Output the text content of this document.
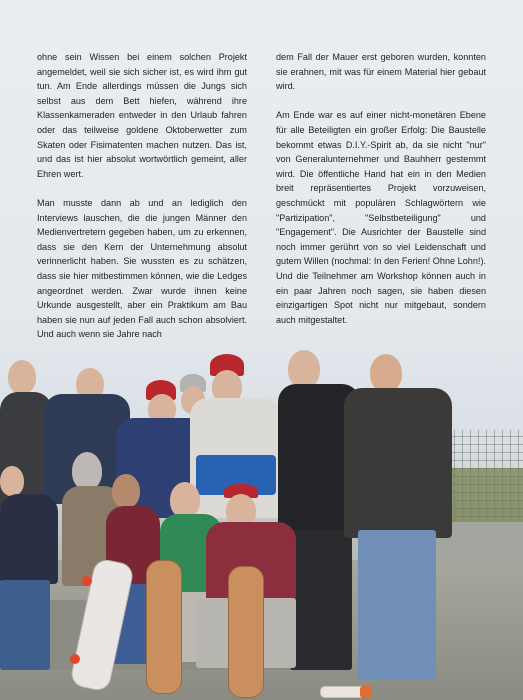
ohne sein Wissen bei einem solchen Projekt angemeldet, weil sie sich sicher ist, es wird ihm gut tun. Am Ende allerdings müssen die Jungs sich selbst aus dem Bett hiefen, während ihre Klassenkameraden entweder in den Urlaub fahren oder das teilweise goldene Oktoberwetter zum Skaten oder Fisimatenten machen nutzen. Das ist, und das ist hier absolut wortwörtlich gemeint, aller Ehren wert.

Man musste dann ab und an lediglich den Interviews lauschen, die die jungen Männer den Medienvertretern gegeben haben, um zu erkennen, dass sie den Kern der Unternehmung absolut verinnerlicht haben. Sie wussten es zu schätzen, dass sie hier mitbestimmen können, wie die Ledges angeordnet werden. Zwar wurde ihnen keine Urkunde ausgestellt, aber ein Praktikum am Bau haben sie nun auf jeden Fall auch schon absolviert. Und auch wenn sie Jahre nach

dem Fall der Mauer erst geboren wurden, konnten sie erahnen, mit was für einem Material hier gebaut wird.

Am Ende war es auf einer nicht-monetären Ebene für alle Beteiligten ein großer Erfolg: Die Baustelle bekommt etwas D.I.Y.-Spirit ab, da sie nicht "nur" von Generalunternehmer und Bauhherr gestemmt wird. Die öffentliche Hand hat ein in den Medien breit repräsentiertes Projekt vorzuweisen, geschmückt mit populären Schlagwörtern wie "Partizipation", "Selbstbeteiligung" und "Engagement". Die Ausrichter der Baustelle sind noch immer gerührt von so viel Leidenschaft und gutem Willen (nochmal: In den Ferien! Ohne Lohn!). Und die Teilnehmer am Workshop können auch in ein paar Jahren noch sagen, sie haben diesen einzigartigen Spot nicht nur mitgebaut, sondern auch mitgestaltet.
